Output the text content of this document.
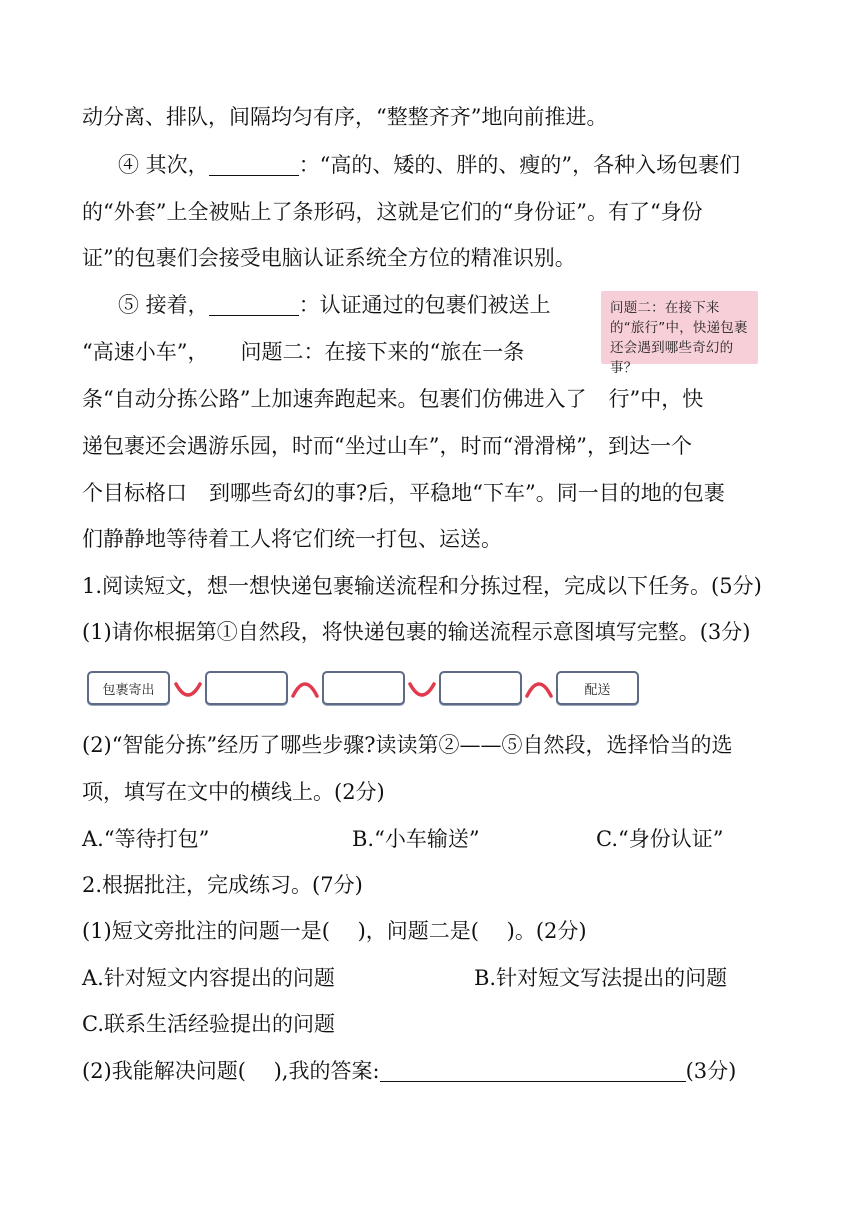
动分离、排队，间隔均匀有序，“整整齐齐”地向前推进。
④ 其次，	：“高的、矮的、胖的、瘦的”，各种入场包裹们
的“外套”上全被贴上了条形码，这就是它们的“身份证”。有了“身份
证”的包裹们会接受电脑认证系统全方位的精准识别。
⑤ 接着，	：认证通过的包裹们被送上	问题二：在接下来的“旅行”中，快递包裹还会遇到哪些奇幻的事？
“高速小车”， 问题二：在接下来的“旅在一条
条“自动分拣公路”上加速奔跑起来。包裹们仿佛进入了 行”中，快
递包裹还会遇游乐园，时而“坐过山车”，时而“滑滑梯”，到达一个
个目标格口 到哪些奇幻的事?后，平稳地“下车”。同一目的地的包裹
们静静地等待着工人将它们统一打包、运送。
1.阅读短文，想一想快递包裹输送流程和分拣过程，完成以下任务。(5分)
(1)请你根据第①自然段，将快递包裹的输送流程示意图填写完整。(3分)
包裹寄出	配送
(2)“智能分拣”经历了哪些步骤?读读第②——⑤自然段，选择恰当的选
项，填写在文中的横线上。(2分)
A.“等待打包”	B.“小车输送”	C.“身份认证”
2.根据批注，完成练习。(7分)
(1)短文旁批注的问题一是(　 )，问题二是(　 )。(2分)
A.针对短文内容提出的问题	B.针对短文写法提出的问题
C.联系生活经验提出的问题
(2)我能解决问题(　 ),我的答案:	(3分)
